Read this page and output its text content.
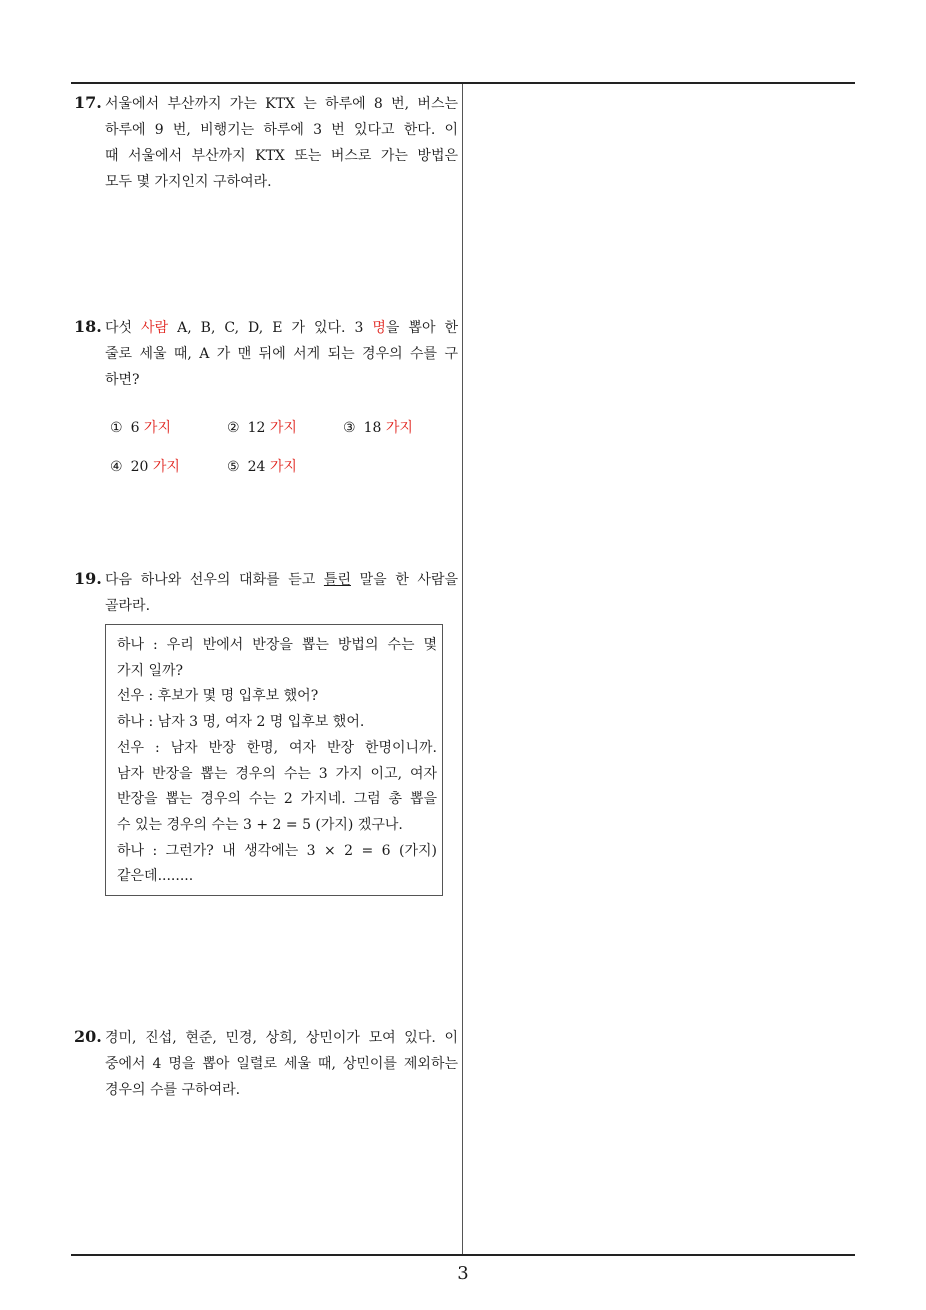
3
17. 서울에서 부산까지 가는 KTX 는 하루에 8 번, 버스는
하루에 9 번, 비행기는 하루에 3 번 있다고 한다. 이
때 서울에서 부산까지 KTX 또는 버스로 가는 방법은
모두 몇 가지인지 구하여라.
18. 다섯 사람 A, B, C, D, E 가 있다. 3 명을 뽑아 한
줄로 세울 때, A 가 맨 뒤에 서게 되는 경우의 수를 구
하면?
① 6 가지	② 12 가지	③ 18 가지
④ 20 가지	⑤ 24 가지
19. 다음 하나와 선우의 대화를 듣고 틀린 말을 한 사람을
골라라.
하나 : 우리 반에서 반장을 뽑는 방법의 수는 몇
가지 일까?
선우 : 후보가 몇 명 입후보 했어?
하나 : 남자 3 명, 여자 2 명 입후보 했어.
선우 : 남자 반장 한명, 여자 반장 한명이니까.
남자 반장을 뽑는 경우의 수는 3 가지 이고, 여자
반장을 뽑는 경우의 수는 2 가지네. 그럼 총 뽑을
수 있는 경우의 수는 3 + 2 = 5 (가지) 겠구나.
하나 : 그런가? 내 생각에는 3 × 2 = 6 (가지)
같은데........
20. 경미, 진섭, 현준, 민경, 상희, 상민이가 모여 있다. 이
중에서 4 명을 뽑아 일렬로 세울 때, 상민이를 제외하는
경우의 수를 구하여라.
